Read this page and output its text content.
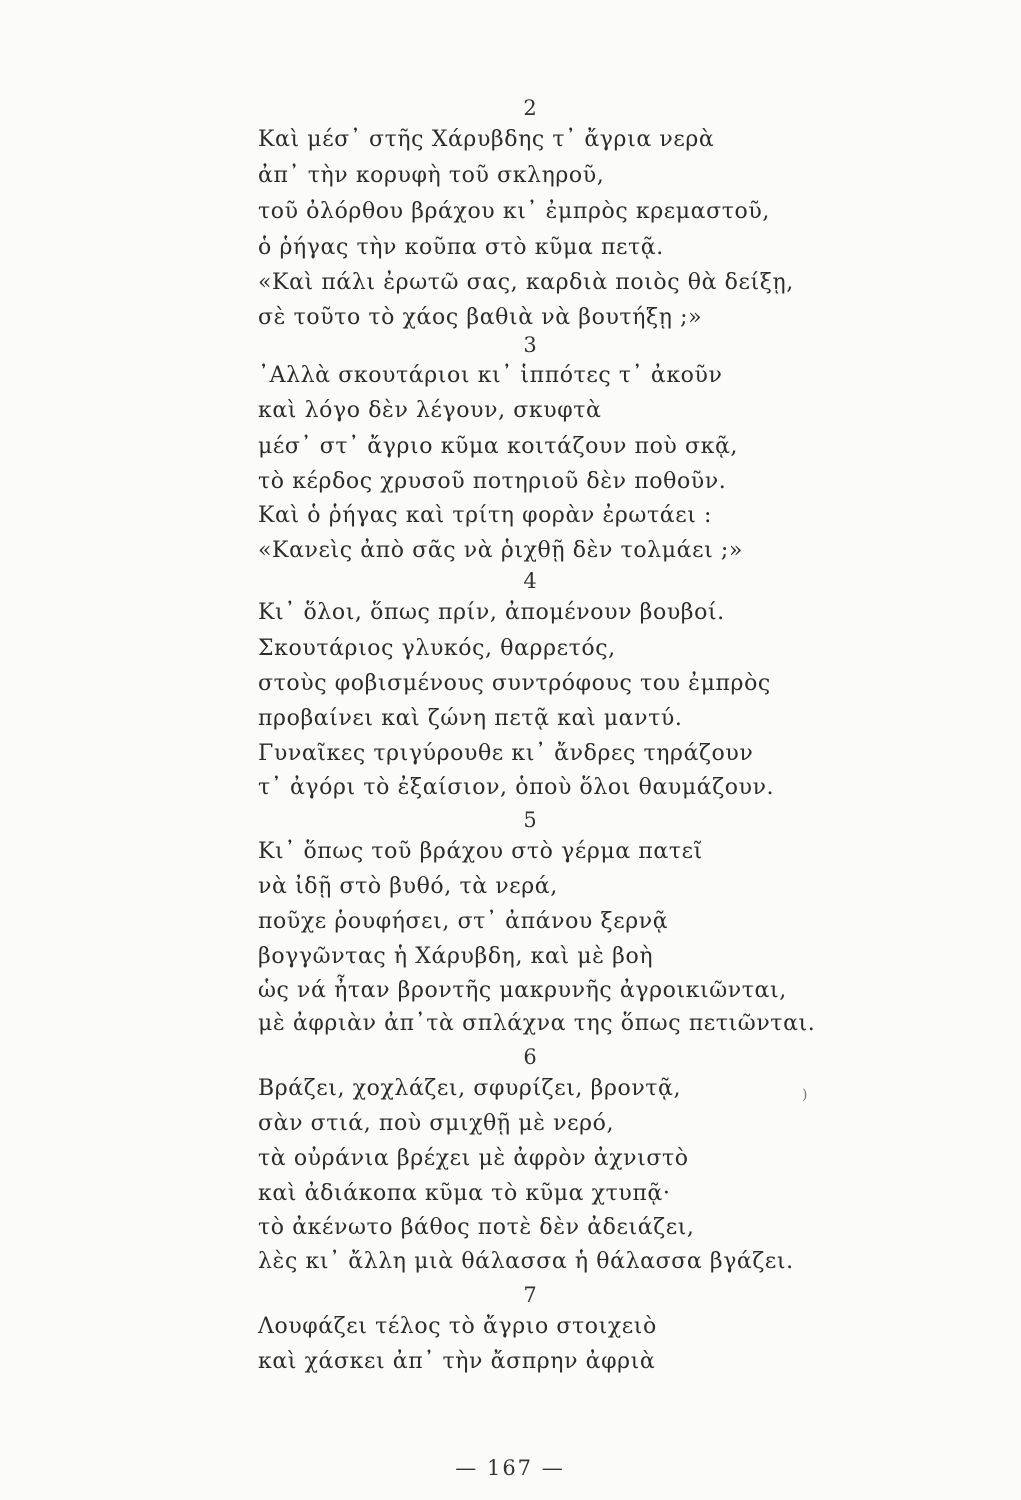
2
Καὶ μέσ᾽ στῆς Χάρυβδης τ᾽ ἄγρια νερὰ
ἀπ᾽ τὴν κορυφὴ τοῦ σκληροῦ,
τοῦ ὀλόρθου βράχου κι᾽ ἐμπρὸς κρεμαστοῦ,
ὁ ῥήγας τὴν κοῦπα στὸ κῦμα πετᾷ.
«Καὶ πάλι ἐρωτῶ σας, καρδιὰ ποιὸς θὰ δείξῃ,
σὲ τοῦτο τὸ χάος βαθιὰ νὰ βουτήξῃ ;»
3
᾽Αλλὰ σκουτάριοι κι᾽ ἱππότες τ᾽ ἀκοῦν
καὶ λόγο δὲν λέγουν, σκυφτὰ
μέσ᾽ στ᾽ ἄγριο κῦμα κοιτάζουν ποὺ σκᾷ,
τὸ κέρδος χρυσοῦ ποτηριοῦ δὲν ποθοῦν.
Καὶ ὁ ῥήγας καὶ τρίτη φορὰν ἐρωτάει :
«Κανεὶς ἀπὸ σᾶς νὰ ῥιχθῇ δὲν τολμάει ;»
4
Κι᾽ ὅλοι, ὅπως πρίν, ἀπομένουν βουβοί.
Σκουτάριος γλυκός, θαρρετός,
στοὺς φοβισμένους συντρόφους του ἐμπρὸς
προβαίνει καὶ ζώνη πετᾷ καὶ μαντύ.
Γυναῖκες τριγύρουθε κι᾽ ἄνδρες τηράζουν
τ᾽ ἀγόρι τὸ ἐξαίσιον, ὁποὺ ὅλοι θαυμάζουν.
5
Κι᾽ ὅπως τοῦ βράχου στὸ γέρμα πατεῖ
νὰ ἰδῇ στὸ βυθό, τὰ νερά,
ποῦχε ῥουφήσει, στ᾽ ἀπάνου ξερνᾷ
βογγῶντας ἡ Χάρυβδη, καὶ μὲ βοὴ
ὡς νά ἦταν βροντῆς μακρυνῆς ἀγροικιῶνται,
μὲ ἀφριὰν ἀπ᾽τὰ σπλάχνα της ὅπως πετιῶνται.
6
Βράζει, χοχλάζει, σφυρίζει, βροντᾷ,
σὰν στιά, ποὺ σμιχθῇ μὲ νερό,
τὰ οὐράνια βρέχει μὲ ἀφρὸν ἀχνιστὸ
καὶ ἀδιάκοπα κῦμα τὸ κῦμα χτυπᾷ·
τὸ ἀκένωτο βάθος ποτὲ δὲν ἀδειάζει,
λὲς κι᾽ ἄλλη μιὰ θάλασσα ἡ θάλασσα βγάζει.
7
Λουφάζει τέλος τὸ ἄγριο στοιχειὸ
καὶ χάσκει ἀπ᾽ τὴν ἄσπρην ἀφριὰ
)
— 167 —
